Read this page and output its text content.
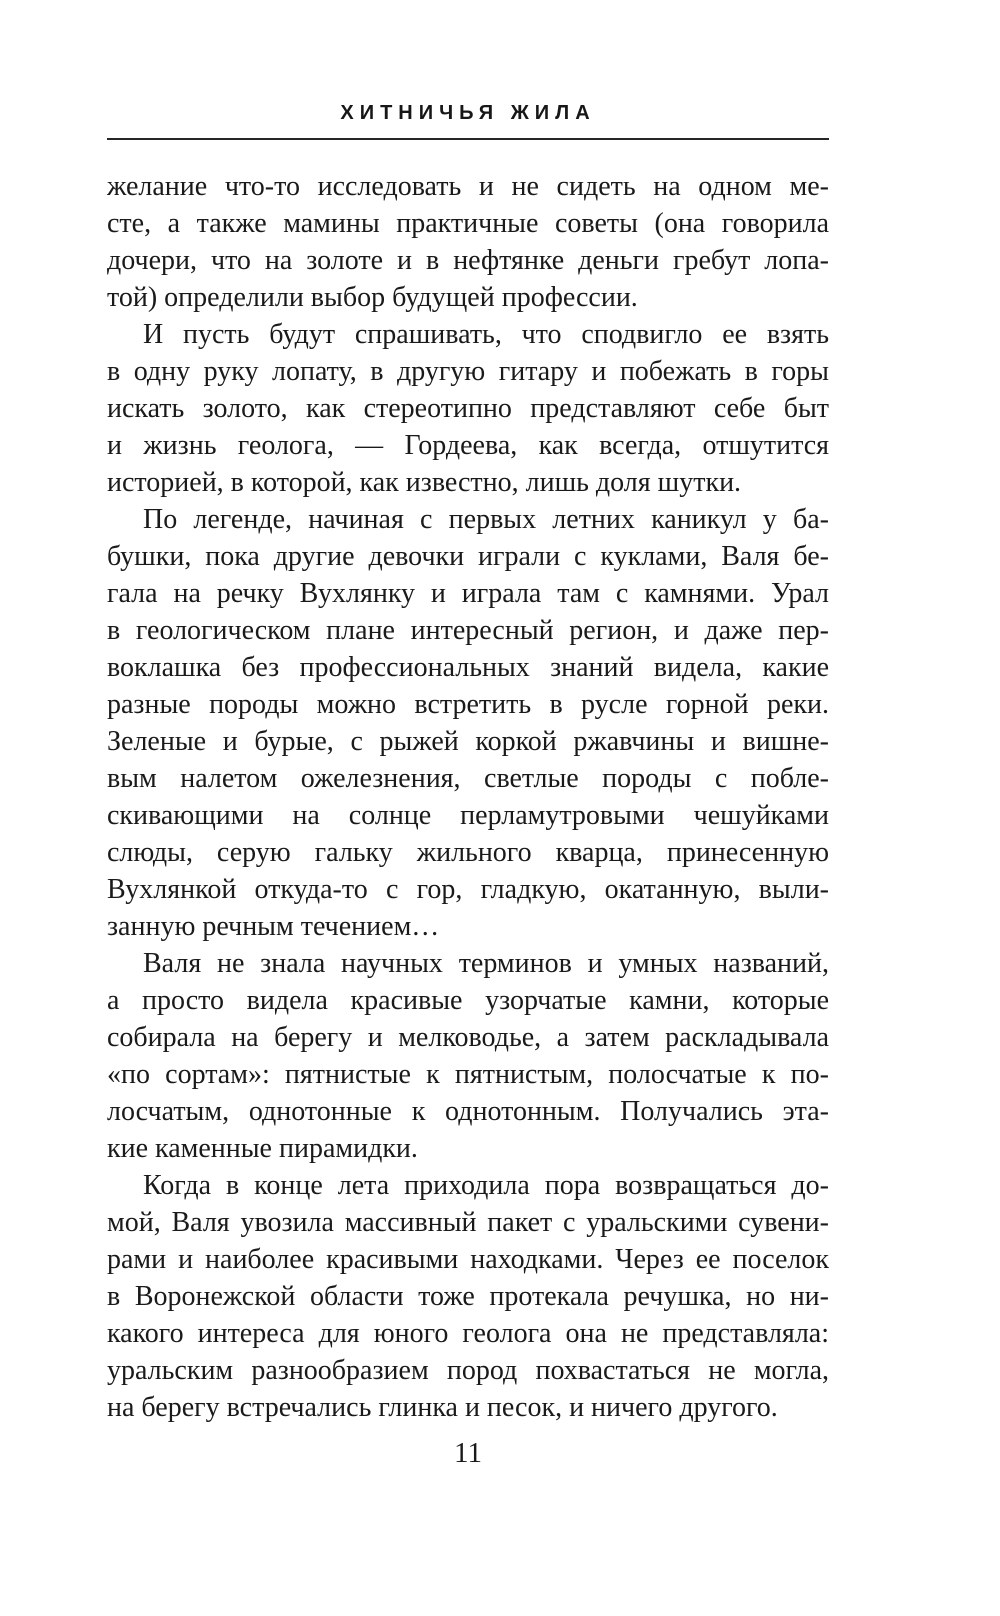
ХИТНИЧЬЯ ЖИЛА
желание что-то исследовать и не сидеть на одном ме-
сте, а также мамины практичные советы (она говорила
дочери, что на золоте и в нефтянке деньги гребут лопа-
той) определили выбор будущей профессии.
И пусть будут спрашивать, что сподвигло ее взять
в одну руку лопату, в другую гитару и побежать в горы
искать золото, как стереотипно представляют себе быт
и жизнь геолога, — Гордеева, как всегда, отшутится
историей, в которой, как известно, лишь доля шутки.
По легенде, начиная с первых летних каникул у ба-
бушки, пока другие девочки играли с куклами, Валя бе-
гала на речку Вухлянку и играла там с камнями. Урал
в геологическом плане интересный регион, и даже пер-
воклашка без профессиональных знаний видела, какие
разные породы можно встретить в русле горной реки.
Зеленые и бурые, с рыжей коркой ржавчины и вишне-
вым налетом ожелезнения, светлые породы с побле-
скивающими на солнце перламутровыми чешуйками
слюды, серую гальку жильного кварца, принесенную
Вухлянкой откуда-то с гор, гладкую, окатанную, выли-
занную речным течением…
Валя не знала научных терминов и умных названий,
а просто видела красивые узорчатые камни, которые
собирала на берегу и мелководье, а затем раскладывала
«по сортам»: пятнистые к пятнистым, полосчатые к по-
лосчатым, однотонные к однотонным. Получались эта-
кие каменные пирамидки.
Когда в конце лета приходила пора возвращаться до-
мой, Валя увозила массивный пакет с уральскими сувени-
рами и наиболее красивыми находками. Через ее поселок
в Воронежской области тоже протекала речушка, но ни-
какого интереса для юного геолога она не представляла:
уральским разнообразием пород похвастаться не могла,
на берегу встречались глинка и песок, и ничего другого.
11
